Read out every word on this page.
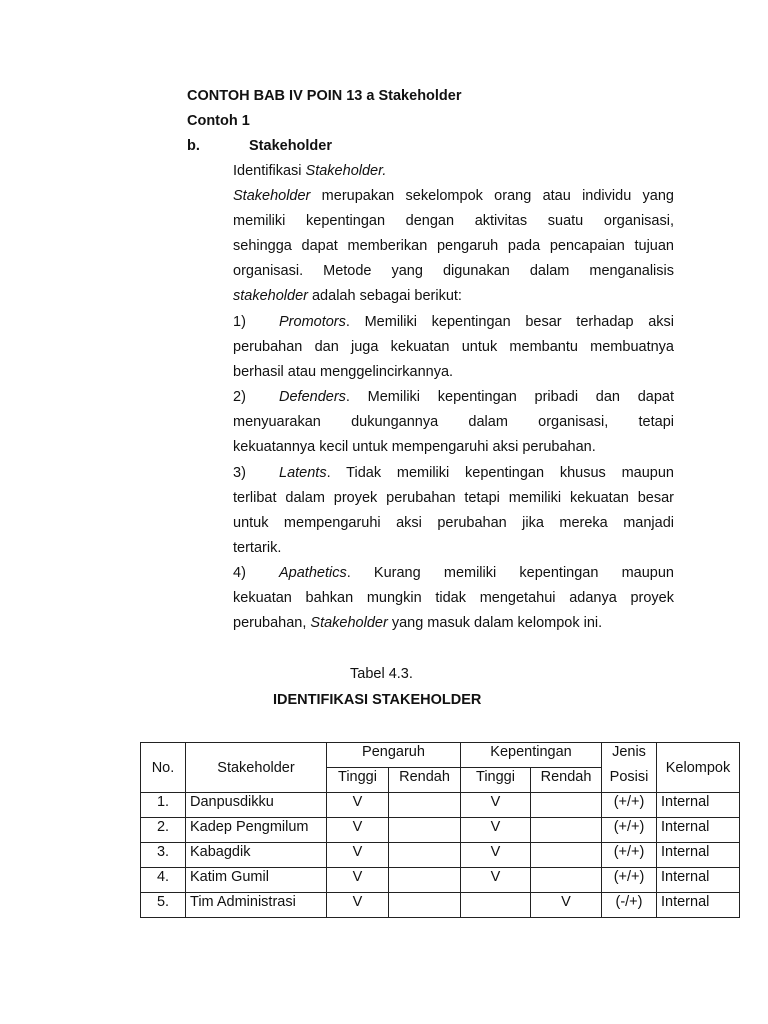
CONTOH BAB IV POIN 13 a Stakeholder
Contoh 1
b.	Stakeholder
Identifikasi Stakeholder.
Stakeholder merupakan sekelompok orang atau individu yang
memiliki kepentingan dengan aktivitas suatu organisasi,
sehingga dapat memberikan pengaruh pada pencapaian tujuan
organisasi. Metode yang digunakan dalam menganalisis
stakeholder adalah sebagai berikut:
1) Promotors. Memiliki kepentingan besar terhadap aksi
perubahan dan juga kekuatan untuk membantu membuatnya
berhasil atau menggelincirkannya.
2) Defenders. Memiliki kepentingan pribadi dan dapat
menyuarakan dukungannya dalam organisasi, tetapi
kekuatannya kecil untuk mempengaruhi aksi perubahan.
3) Latents. Tidak memiliki kepentingan khusus maupun
terlibat dalam proyek perubahan tetapi memiliki kekuatan besar
untuk mempengaruhi aksi perubahan jika mereka manjadi
tertarik.
4) Apathetics. Kurang memiliki kepentingan maupun
kekuatan bahkan mungkin tidak mengetahui adanya proyek
perubahan, Stakeholder yang masuk dalam kelompok ini.
Tabel 4.3.
IDENTIFIKASI STAKEHOLDER
No.	Stakeholder	Pengaruh		Kepentingan		Jenis	Kelompok
		Tinggi	Rendah	Tinggi	Rendah	Posisi	
1.	Danpusdikku	V		V		(+/+)	Internal
2.	Kadep Pengmilum	V		V		(+/+)	Internal
3.	Kabagdik	V		V		(+/+)	Internal
4.	Katim Gumil	V		V		(+/+)	Internal
5.	Tim Administrasi	V			V	(-/+)	Internal
